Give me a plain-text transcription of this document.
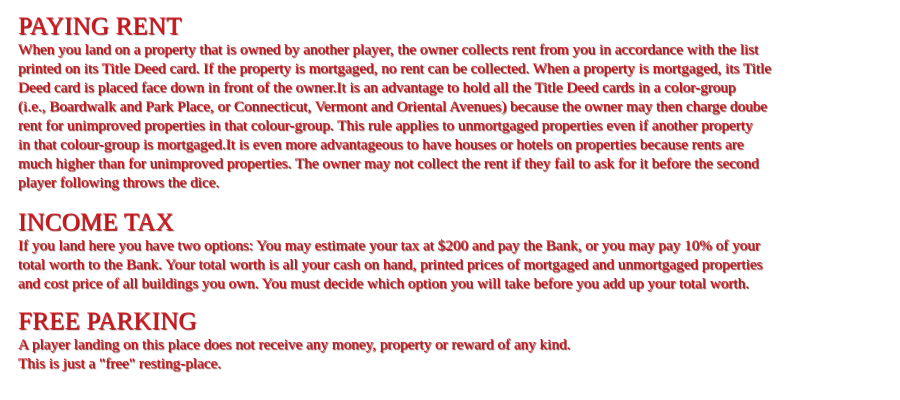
PAYING RENT

When you land on a property that is owned by another player, the owner collects rent from you in accordance with the list
printed on its Title Deed card. If the property is mortgaged, no rent can be collected. When a property is mortgaged, its Title
Deed card is placed face down in front of the owner.It is an advantage to hold all the Title Deed cards in a color-group
(i.e., Boardwalk and Park Place, or Connecticut, Vermont and Oriental Avenues) because the owner may then charge doube
rent for unimproved properties in that colour-group. This rule applies to unmortgaged properties even if another property
in that colour-group is mortgaged.It is even more advantageous to have houses or hotels on properties because rents are
much higher than for unimproved properties. The owner may not collect the rent if they fail to ask for it before the second
player following throws the dice.

INCOME TAX

If you land here you have two options: You may estimate your tax at $200 and pay the Bank, or you may pay 10% of your
total worth to the Bank. Your total worth is all your cash on hand, printed prices of mortgaged and unmortgaged properties
and cost price of all buildings you own. You must decide which option you will take before you add up your total worth.

FREE PARKING

A player landing on this place does not receive any money, property or reward of any kind.
This is just a "free" resting-place.
